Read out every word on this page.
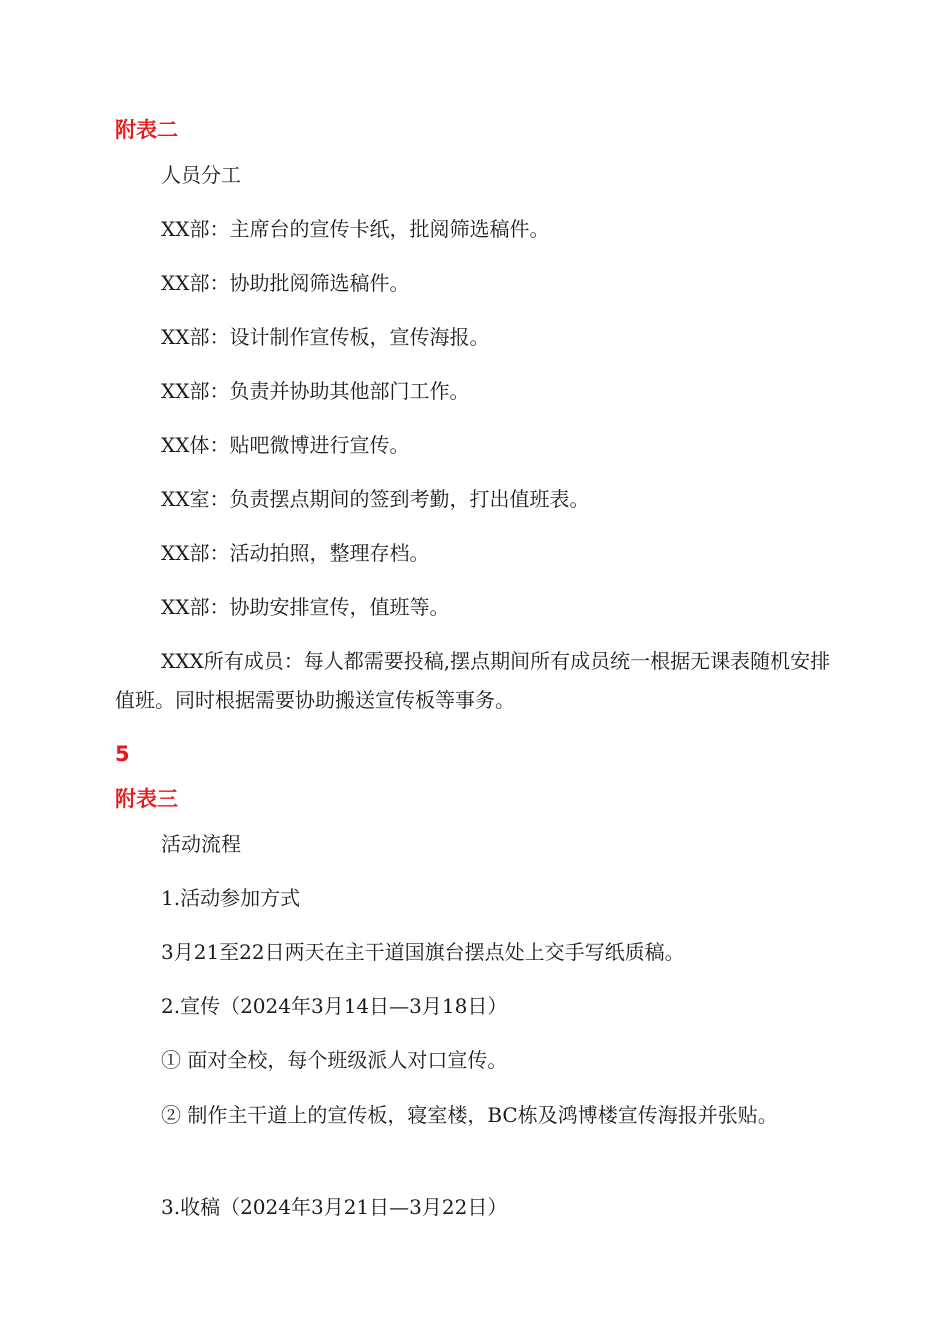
附表二

人员分工

XX部：主席台的宣传卡纸，批阅筛选稿件。

XX部：协助批阅筛选稿件。

XX部：设计制作宣传板，宣传海报。

XX部：负责并协助其他部门工作。

XX体：贴吧微博进行宣传。

XX室：负责摆点期间的签到考勤，打出值班表。

XX部：活动拍照，整理存档。

XX部：协助安排宣传，值班等。

XXX所有成员：每人都需要投稿,摆点期间所有成员统一根据无课表随机安排值班。同时根据需要协助搬送宣传板等事务。

5
附表三

活动流程

1.活动参加方式

3月21至22日两天在主干道国旗台摆点处上交手写纸质稿。

2.宣传（2024年3月14日—3月18日）

① 面对全校，每个班级派人对口宣传。

② 制作主干道上的宣传板，寝室楼，BC栋及鸿博楼宣传海报并张贴。

3.收稿（2024年3月21日—3月22日）
